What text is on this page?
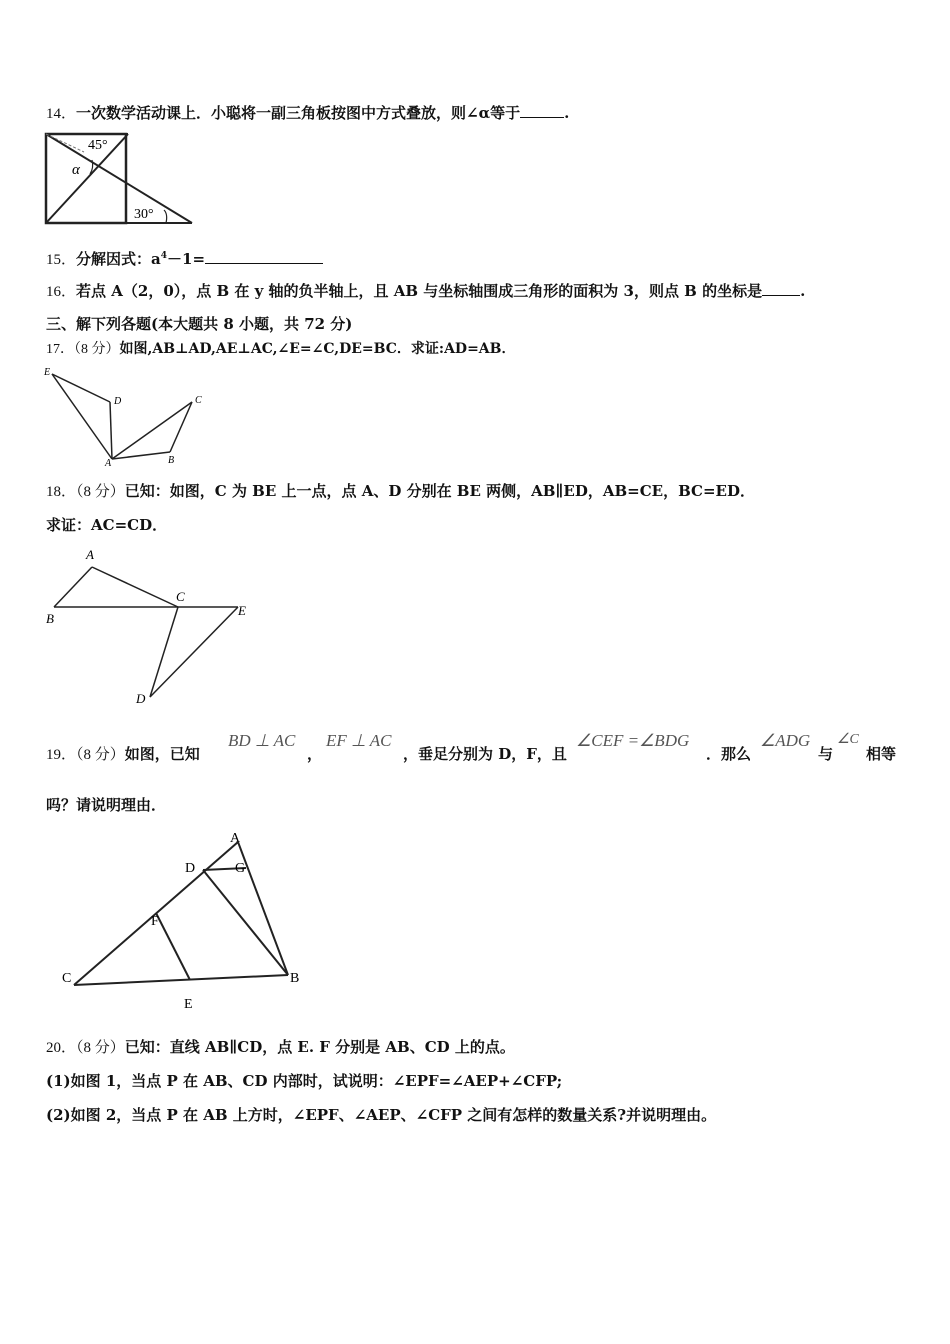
14．一次数学活动课上．小聪将一副三角板按图中方式叠放，则∠α等于	.
45°
α
30°
15．分解因式：$a^4-1=$
16．若点 A（2，0），点 B 在 y 轴的负半轴上，且 AB 与坐标轴围成三角形的面积为 3，则点 B 的坐标是	.
三、解下列各题(本大题共 8 小题，共 72 分)
17．（8 分）如图,AB⊥AD,AE⊥AC,∠E=∠C,DE=BC．求证:AD=AB．
E
D	C
A	B
18．（8 分）已知：如图，C 为 BE 上一点，点 A、D 分别在 BE 两侧，AB∥ED，AB=CE，BC=ED．
求证：AC=CD．
A
B
C
E
D
19．（8 分）如图，已知
BD ⊥ AC
，
EF ⊥ AC
，垂足分别为 D，F，且
∠CEF =∠BDG
．那么
∠ADG
与
∠C
相等
吗？请说明理由．
A
D	G
F
C	B
E
20．（8 分）已知：直线 AB∥CD，点 E. F 分别是 AB、CD 上的点。
(1)如图 1，当点 P 在 AB、CD 内部时，试说明：∠EPF=∠AEP+∠CFP;
(2)如图 2，当点 P 在 AB 上方时，∠EPF、∠AEP、∠CFP 之间有怎样的数量关系?并说明理由。
